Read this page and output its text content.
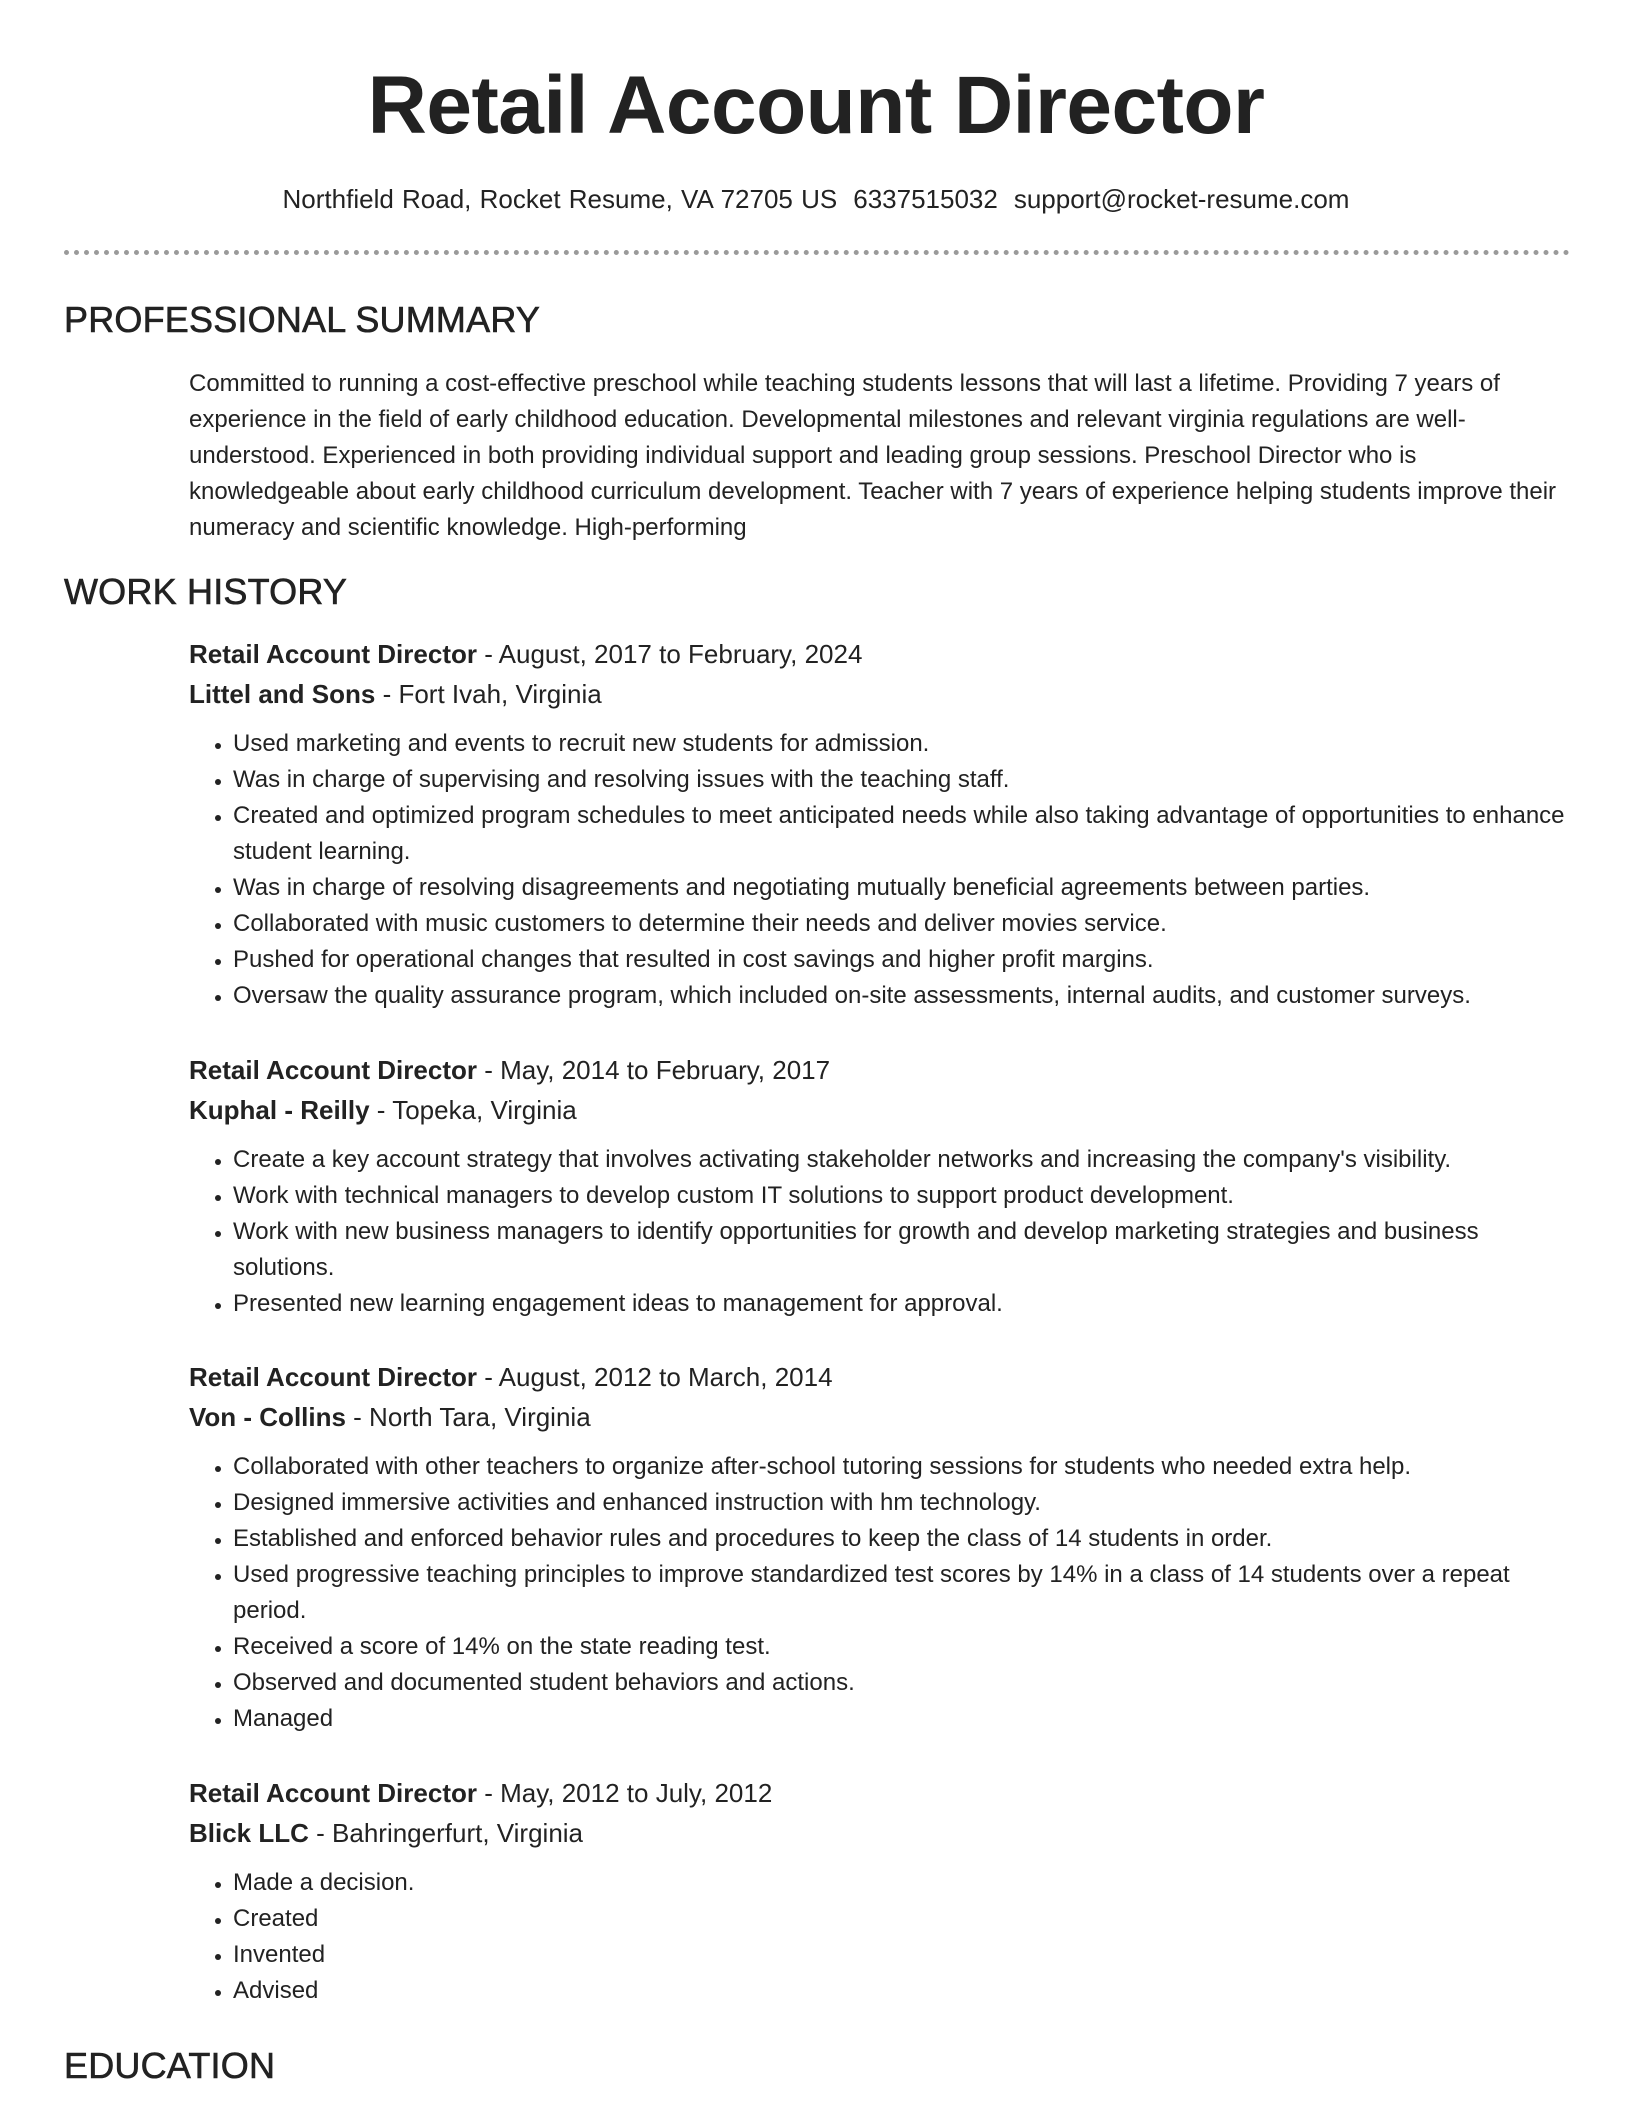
Retail Account Director
Northfield Road, Rocket Resume, VA 72705 US 6337515032 support@rocket-resume.com
PROFESSIONAL SUMMARY

Committed to running a cost-effective preschool while teaching students lessons that will last a lifetime. Providing 7 years of experience in the field of early childhood education. Developmental milestones and relevant virginia regulations are well-understood. Experienced in both providing individual support and leading group sessions. Preschool Director who is knowledgeable about early childhood curriculum development. Teacher with 7 years of experience helping students improve their numeracy and scientific knowledge. High-performing

WORK HISTORY
Retail Account Director - August, 2017 to February, 2024
Littel and Sons - Fort Ivah, Virginia
• Used marketing and events to recruit new students for admission.
• Was in charge of supervising and resolving issues with the teaching staff.
• Created and optimized program schedules to meet anticipated needs while also taking advantage of opportunities to enhance student learning.
• Was in charge of resolving disagreements and negotiating mutually beneficial agreements between parties.
• Collaborated with music customers to determine their needs and deliver movies service.
• Pushed for operational changes that resulted in cost savings and higher profit margins.
• Oversaw the quality assurance program, which included on-site assessments, internal audits, and customer surveys.
Retail Account Director - May, 2014 to February, 2017
Kuphal - Reilly - Topeka, Virginia
• Create a key account strategy that involves activating stakeholder networks and increasing the company's visibility.
• Work with technical managers to develop custom IT solutions to support product development.
• Work with new business managers to identify opportunities for growth and develop marketing strategies and business solutions.
• Presented new learning engagement ideas to management for approval.
Retail Account Director - August, 2012 to March, 2014
Von - Collins - North Tara, Virginia
• Collaborated with other teachers to organize after-school tutoring sessions for students who needed extra help.
• Designed immersive activities and enhanced instruction with hm technology.
• Established and enforced behavior rules and procedures to keep the class of 14 students in order.
• Used progressive teaching principles to improve standardized test scores by 14% in a class of 14 students over a repeat period.
• Received a score of 14% on the state reading test.
• Observed and documented student behaviors and actions.
• Managed
Retail Account Director - May, 2012 to July, 2012
Blick LLC - Bahringerfurt, Virginia
• Made a decision.
• Created
• Invented
• Advised
EDUCATION
